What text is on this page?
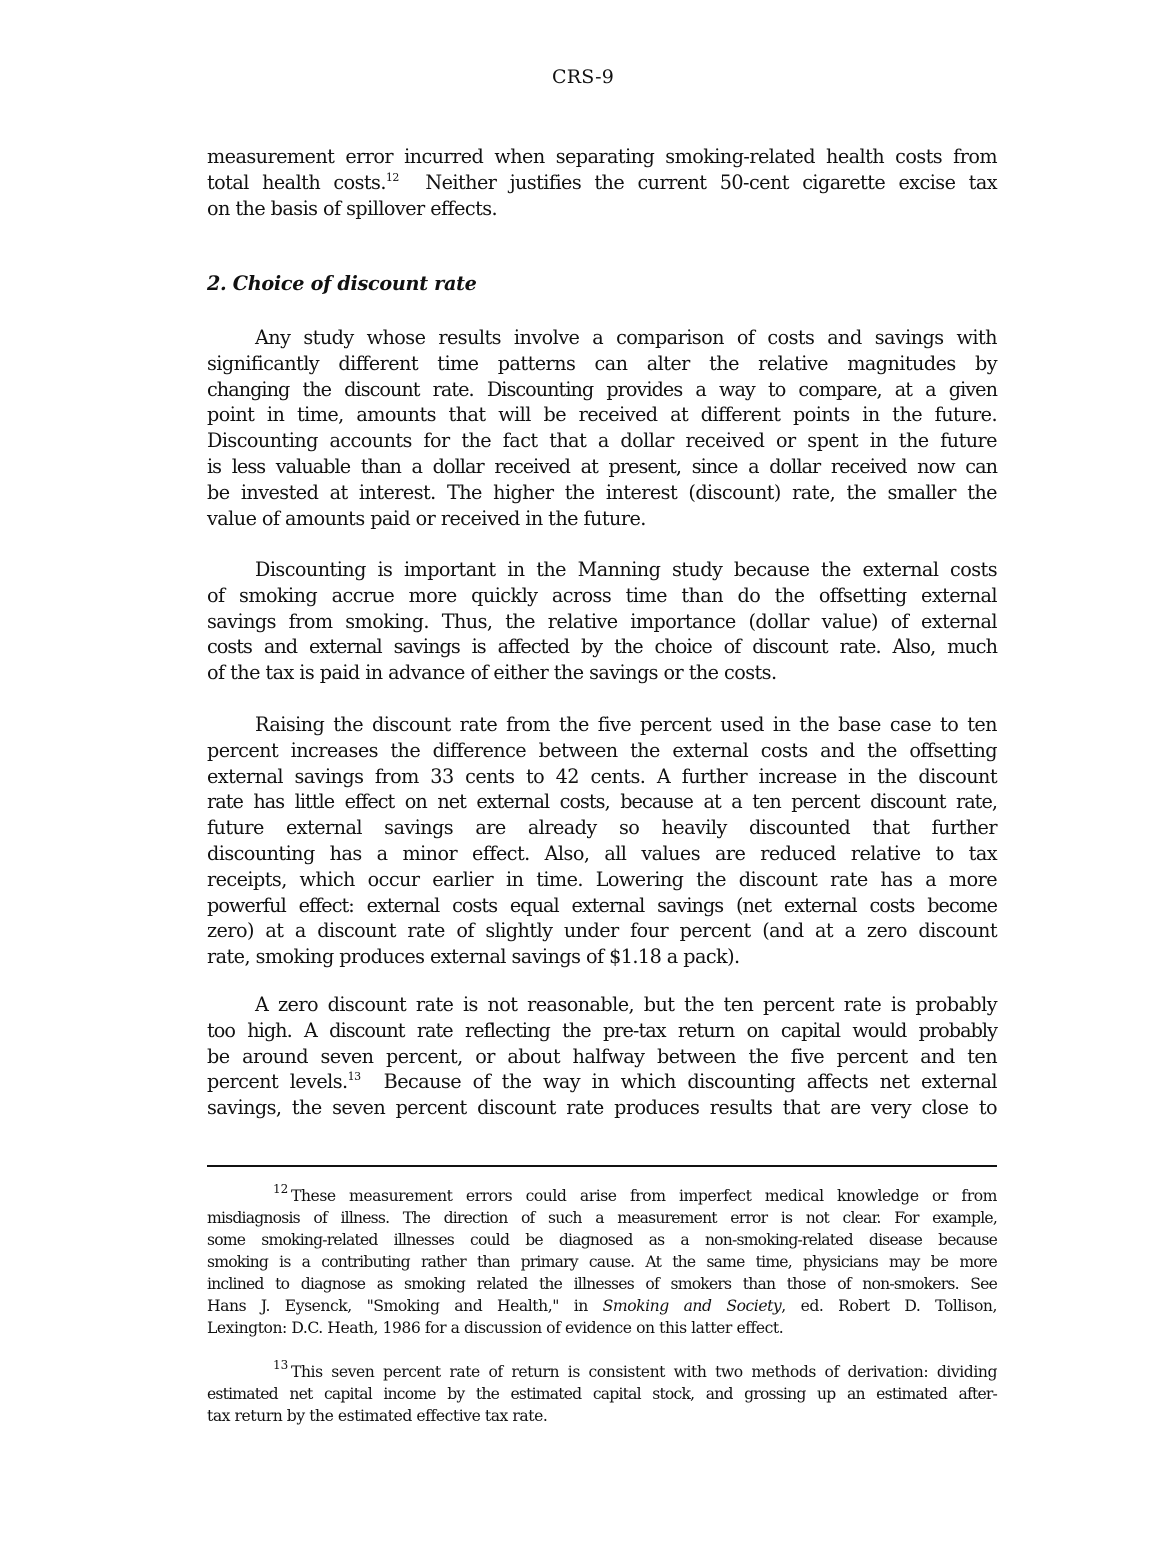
CRS-9
measurement error incurred when separating smoking-related health costs from
total health costs.$^{12}$  Neither justifies the current 50-cent cigarette excise tax
on the basis of spillover effects.
2. Choice of discount rate
Any study whose results involve a comparison of costs and savings with
significantly different time patterns can alter the relative magnitudes by
changing the discount rate. Discounting provides a way to compare, at a given
point in time, amounts that will be received at different points in the future.
Discounting accounts for the fact that a dollar received or spent in the future
is less valuable than a dollar received at present, since a dollar received now can
be invested at interest. The higher the interest (discount) rate, the smaller the
value of amounts paid or received in the future.
Discounting is important in the Manning study because the external costs
of smoking accrue more quickly across time than do the offsetting external
savings from smoking. Thus, the relative importance (dollar value) of external
costs and external savings is affected by the choice of discount rate. Also, much
of the tax is paid in advance of either the savings or the costs.
Raising the discount rate from the five percent used in the base case to ten
percent increases the difference between the external costs and the offsetting
external savings from 33 cents to 42 cents. A further increase in the discount
rate has little effect on net external costs, because at a ten percent discount rate,
future external savings are already so heavily discounted that further
discounting has a minor effect. Also, all values are reduced relative to tax
receipts, which occur earlier in time. Lowering the discount rate has a more
powerful effect: external costs equal external savings (net external costs become
zero) at a discount rate of slightly under four percent (and at a zero discount
rate, smoking produces external savings of $1.18 a pack).
A zero discount rate is not reasonable, but the ten percent rate is probably
too high. A discount rate reflecting the pre-tax return on capital would probably
be around seven percent, or about halfway between the five percent and ten
percent levels.$^{13}$  Because of the way in which discounting affects net external
savings, the seven percent discount rate produces results that are very close to
12 These measurement errors could arise from imperfect medical knowledge or from
misdiagnosis of illness. The direction of such a measurement error is not clear. For example,
some smoking-related illnesses could be diagnosed as a non-smoking-related disease because
smoking is a contributing rather than primary cause. At the same time, physicians may be more
inclined to diagnose as smoking related the illnesses of smokers than those of non-smokers. See
Hans J. Eysenck, "Smoking and Health," in Smoking and Society, ed. Robert D. Tollison,
Lexington: D.C. Heath, 1986 for a discussion of evidence on this latter effect.
13 This seven percent rate of return is consistent with two methods of derivation: dividing
estimated net capital income by the estimated capital stock, and grossing up an estimated after-
tax return by the estimated effective tax rate.
